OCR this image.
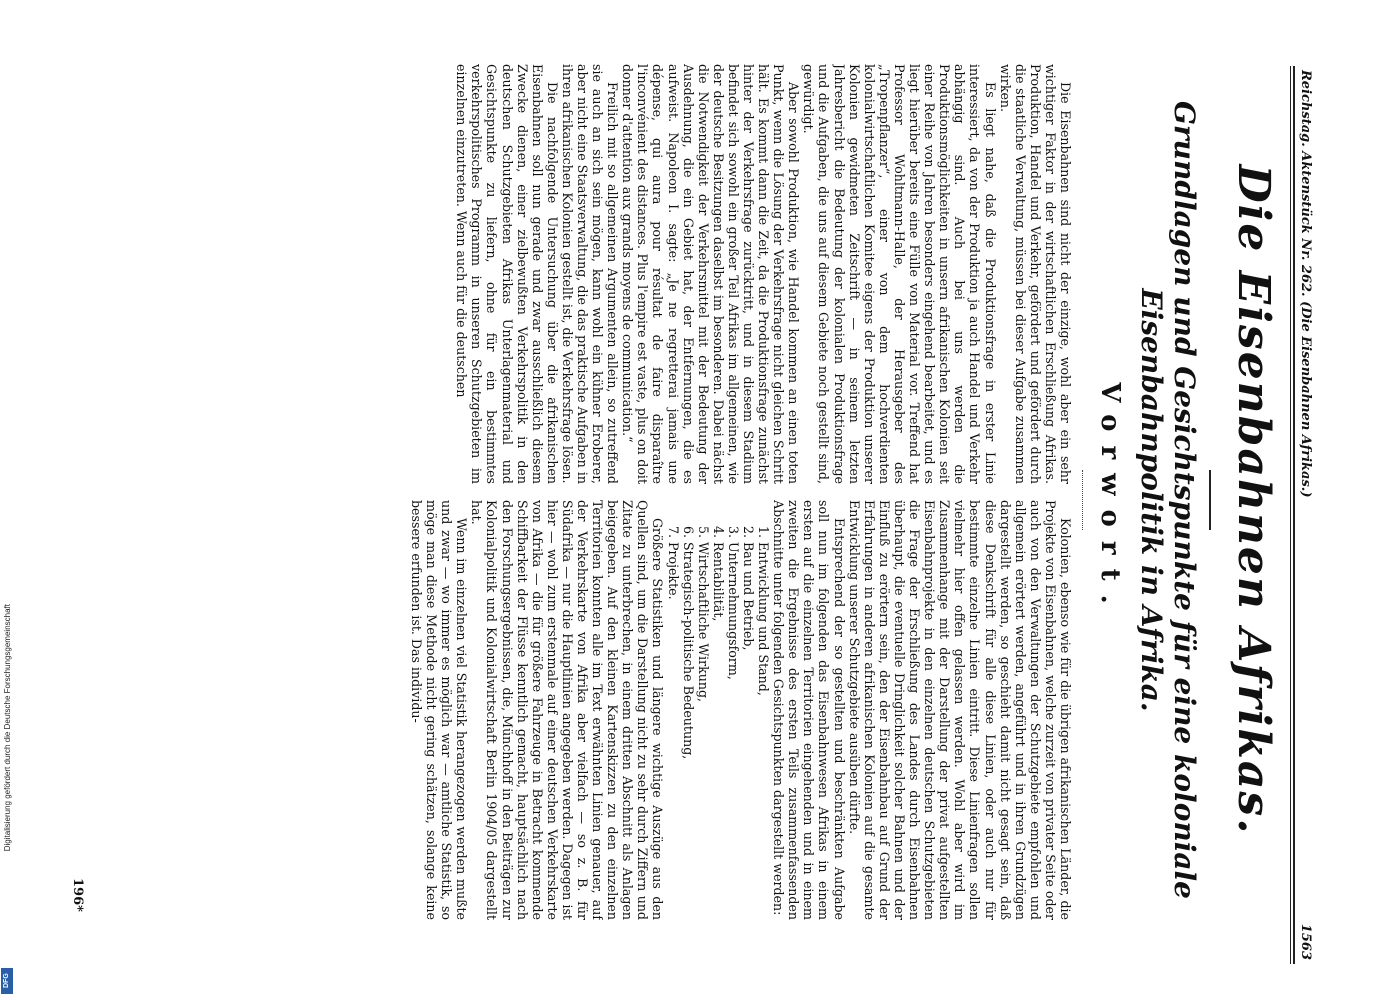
Reichstag. Aktenstück Nr. 262. (Die Eisenbahnen Afrikas.)
1563
Die Eisenbahnen Afrikas.
Grundlagen und Gesichtspunkte für eine koloniale Eisenbahnpolitik in Afrika.
Vorwort.

Die Eisenbahnen sind nicht der einzige, wohl aber ein sehr wichtiger Faktor in der wirtschaftlichen Erschließung Afrikas. Produktion, Handel und Verkehr, gefördert und gefördert durch die staatliche Verwaltung, müssen bei dieser Aufgabe zusammen wirken.

Es liegt nahe, daß die Produktionsfrage in erster Linie interessiert, da von der Produktion ja auch Handel und Verkehr abhängig sind. Auch bei uns werden die Produktionsmöglichkeiten in unsern afrikanischen Kolonien seit einer Reihe von Jahren besonders eingehend bearbeitet, und es liegt hierüber bereits eine Fülle von Material vor. Treffend hat Professor Wohltmann-Halle, der Herausgeber des „Tropenpflanzer“, einer von dem hochverdienten kolonialwirtschaftlichen Komitee eigens der Produktion unserer Kolonien gewidmeten Zeitschrift — in seinem letzten Jahresbericht die Bedeutung der kolonialen Produktionsfrage und die Aufgaben, die uns auf diesem Gebiete noch gestellt sind, gewürdigt.

Aber sowohl Produktion, wie Handel kommen an einen toten Punkt, wenn die Lösung der Verkehrsfrage nicht gleichen Schritt hält. Es kommt dann die Zeit, da die Produktionsfrage zunächst hinter der Verkehrsfrage zurücktritt, und in diesem Stadium befindet sich sowohl ein großer Teil Afrikas im allgemeinen, wie der deutsche Besitzungen daselbst im besonderen. Dabei nächst die Notwendigkeit der Verkehrsmittel mit der Bedeutung der Ausdehnung, die ein Gebiet hat, der Entfernungen, die es aufweist. Napoleon I. sagte: „Je ne regretterai jamais une dépense, qui aura pour résultat de faire disparaître l'inconvénient des distances. Plus l'empire est vaste, plus on doit donner d'attention aux grands moyens de communication.“

Freilich mit so allgemeinen Argumenten allein, so zutreffend sie auch an sich sein mögen, kann wohl ein kühner Eroberer, aber nicht eine Staatsverwaltung, die das praktische Aufgaben in ihren afrikanischen Kolonien gestellt ist, die Verkehrsfrage lösen.

Die nachfolgende Untersuchung über die afrikanischen Eisenbahnen soll nun gerade und zwar ausschließlich diesem Zwecke dienen, einer zielbewußten Verkehrspolitik in den deutschen Schutzgebieten Afrikas Unterlagenmaterial und Gesichtspunkte zu liefern, ohne für ein bestimmtes verkehrspolitisches Programm in unseren Schutzgebieten im einzelnen einzutreten. Wenn auch für die deutschen

Kolonien, ebenso wie für die übrigen afrikanischen Länder, die Projekte von Eisenbahnen, welche zurzeit von privater Seite oder auch von den Verwaltungen der Schutzgebiete empfohlen und allgemein erörtert werden, angeführt und in ihren Grundzügen dargestellt werden, so geschieht damit nicht gesagt sein, daß diese Denkschrift für alle diese Linien, oder auch nur für bestimmte einzelne Linien eintritt. Diese Linienfragen sollen vielmehr hier offen gelassen werden. Wohl aber wird im Zusammenhange mit der Darstellung der privat aufgestellten Eisenbahnprojekte in den einzelnen deutschen Schutzgebieten die Frage der Erschließung des Landes durch Eisenbahnen überhaupt, die eventuelle Dringlichkeit solcher Bahnen und der Einfluß zu erörtern sein, den der Eisenbahnbau auf Grund der Erfahrungen in anderen afrikanischen Kolonien auf die gesamte Entwicklung unserer Schutzgebiete ausüben dürfte.

Entsprechend der so gestellten und beschränkten Aufgabe soll nun im folgenden das Eisenbahnwesen Afrikas in einem ersten auf die einzelnen Territorien eingehenden und in einem zweiten die Ergebnisse des ersten Teils zusammenfassenden Abschnitte unter folgenden Gesichtspunkten dargestellt werden:

1. Entwicklung und Stand,
2. Bau und Betrieb,
3. Unternehmungsform,
4. Rentabilität,
5. Wirtschaftliche Wirkung,
6. Strategisch-politische Bedeutung,
7. Projekte.

Größere Statistiken und längere wichtige Auszüge aus den Quellen sind, um die Darstellung nicht zu sehr durch Ziffern und Zitate zu unterbrechen, in einem dritten Abschnitt als Anlagen beigegeben. Auf den kleinen Kartenskizzen zu den einzelnen Territorien konnten alle im Text erwähnten Linien genauer, auf der Verkehrskarte von Afrika aber vielfach — so z. B. für Südafrika — nur die Hauptlinien angegeben werden. Dagegen ist hier — wohl zum erstenmale auf einer deutschen Verkehrskarte von Afrika — die für größere Fahrzeuge in Betracht kommende Schiffbarkeit der Flüsse kenntlich gemacht, hauptsächlich nach den Forschungsergebnissen, die, Münchhoff in den Beiträgen zur Kolonialpolitik und Kolonialwirtschaft Berlin 1904/05 dargestellt hat.

Wenn im einzelnen viel Statistik herangezogen werden mußte und zwar — wo immer es möglich war — amtliche Statistik, so möge man diese Methode nicht gering schätzen, solange keine bessere erfunden ist. Das individu-

196*
Digitalisierung gefördert durch die Deutsche Forschungsgemeinschaft
DFG
